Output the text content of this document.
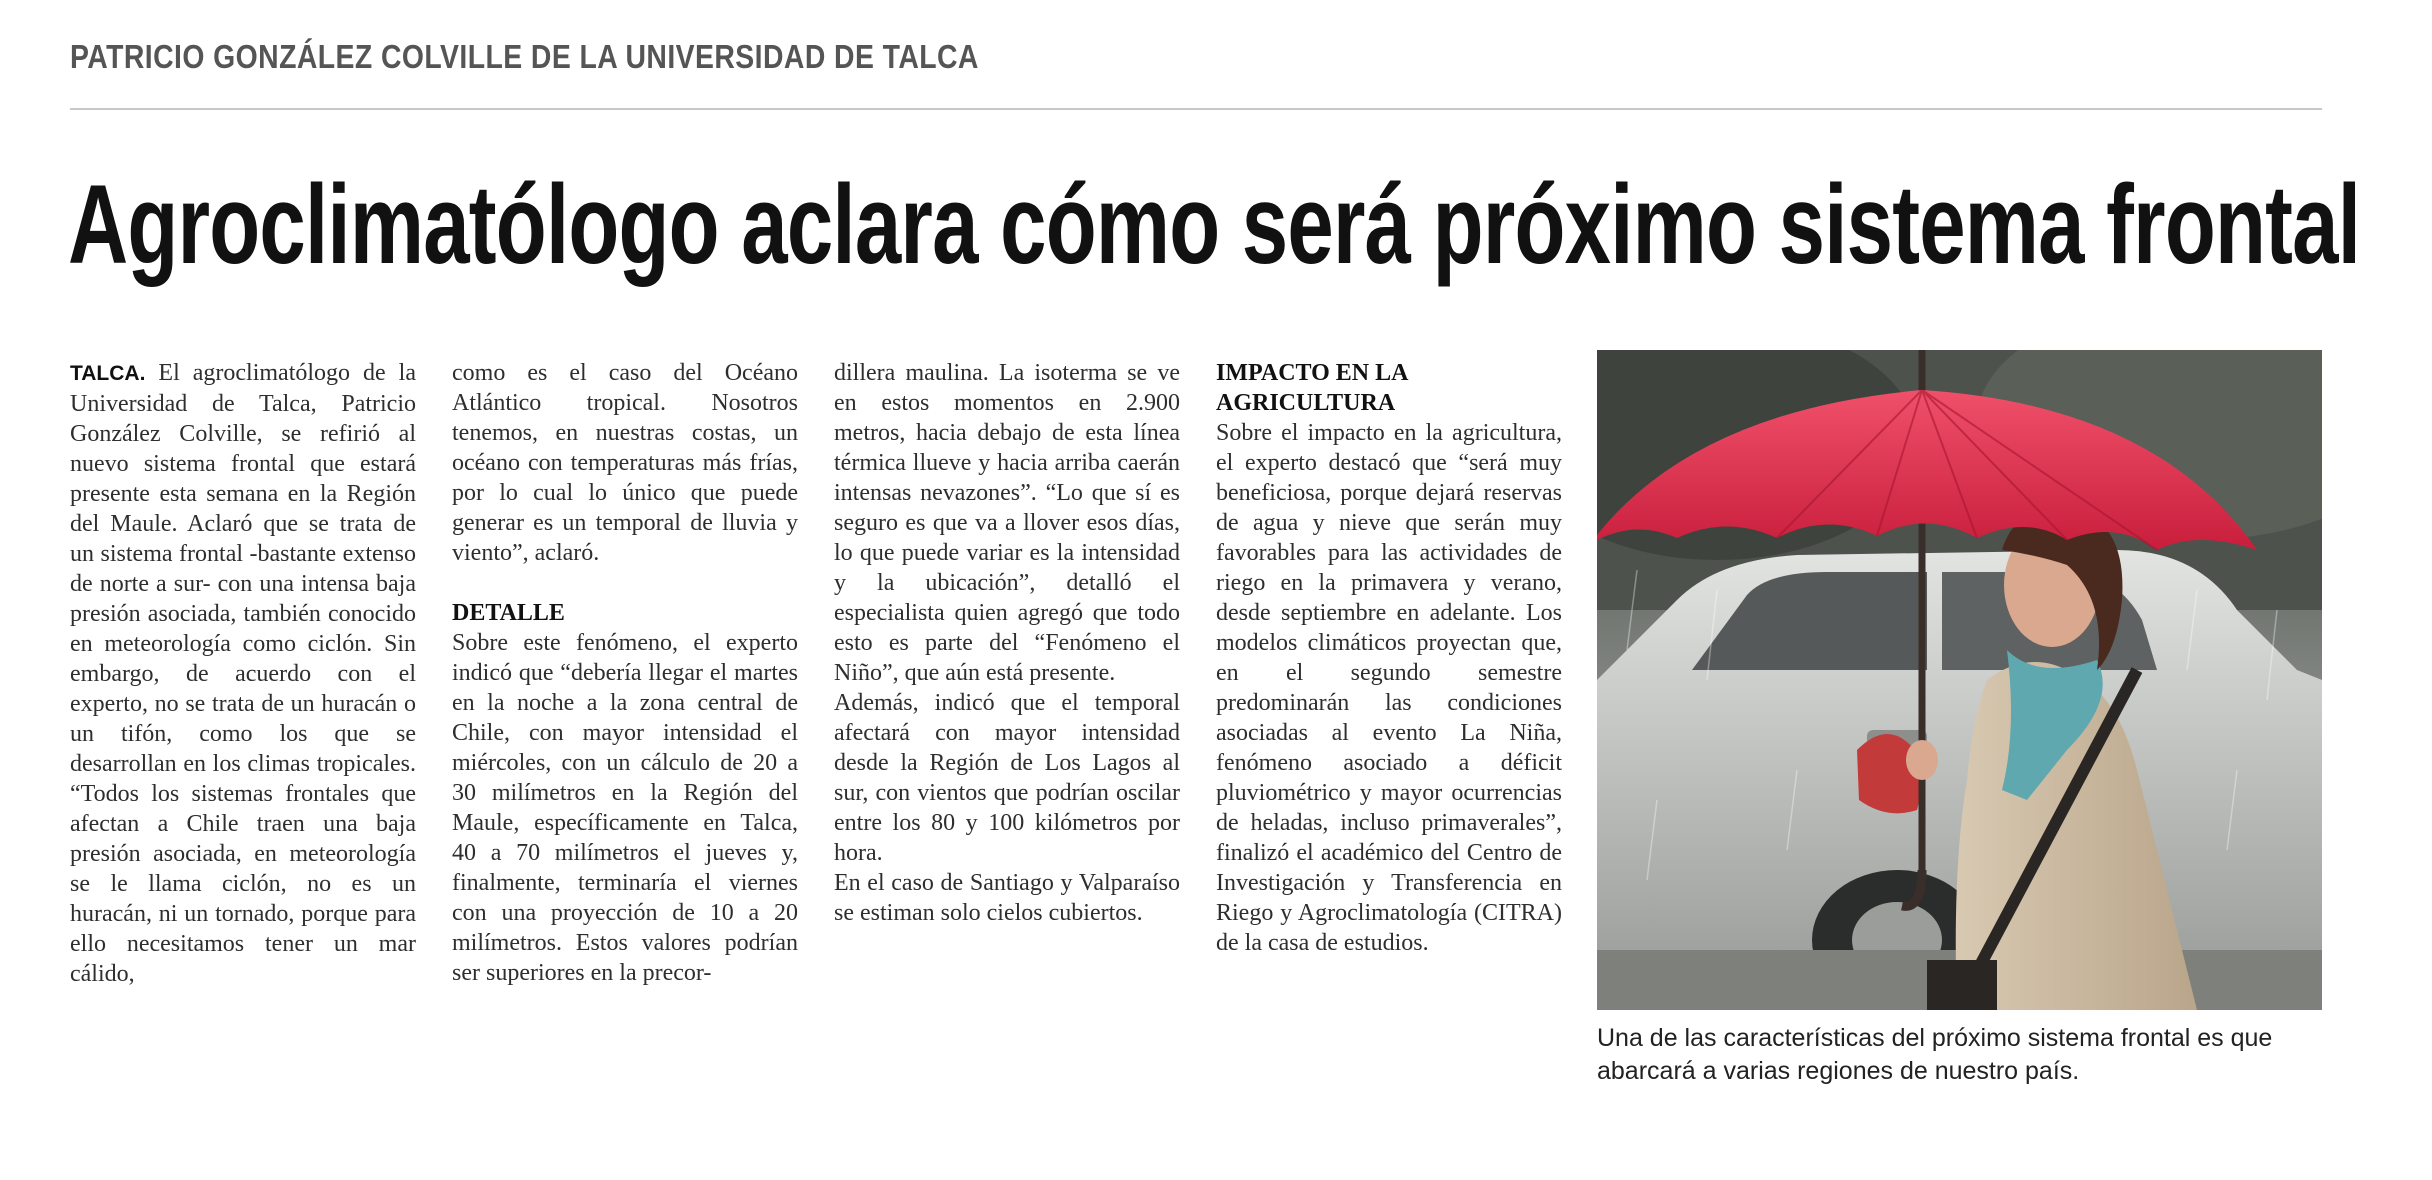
PATRICIO GONZÁLEZ COLVILLE DE LA UNIVERSIDAD DE TALCA
Agroclimatólogo aclara cómo será próximo sistema frontal

TALCA. El agroclimatólogo de la Universidad de Talca, Patricio González Colville, se refirió al nuevo sistema frontal que estará presente esta semana en la Región del Maule. Aclaró que se trata de un sistema frontal -bastante extenso de norte a sur- con una intensa baja presión asociada, también conocido en meteorología como ciclón. Sin embargo, de acuerdo con el experto, no se trata de un huracán o un tifón, como los que se desarrollan en los climas tropicales. “Todos los sistemas frontales que afectan a Chile traen una baja presión asociada, en meteorología se le llama ciclón, no es un huracán, ni un tornado, porque para ello necesitamos tener un mar cálido,

como es el caso del Océano Atlántico tropical. Nosotros tenemos, en nuestras costas, un océano con temperaturas más frías, por lo cual lo único que puede generar es un temporal de lluvia y viento”, aclaró.

DETALLE

Sobre este fenómeno, el experto indicó que “debería llegar el martes en la noche a la zona central de Chile, con mayor intensidad el miércoles, con un cálculo de 20 a 30 milímetros en la Región del Maule, específicamente en Talca, 40 a 70 milímetros el jueves y, finalmente, terminaría el viernes con una proyección de 10 a 20 milímetros. Estos valores podrían ser superiores en la precor-

dillera maulina. La isoterma se ve en estos momentos en 2.900 metros, hacia debajo de esta línea térmica llueve y hacia arriba caerán intensas nevazones”. “Lo que sí es seguro es que va a llover esos días, lo que puede variar es la intensidad y la ubicación”, detalló el especialista quien agregó que todo esto es parte del “Fenómeno el Niño”, que aún está presente.

Además, indicó que el temporal afectará con mayor intensidad desde la Región de Los Lagos al sur, con vientos que podrían oscilar entre los 80 y 100 kilómetros por hora.

En el caso de Santiago y Valparaíso se estiman solo cielos cubiertos.

IMPACTO EN LA
AGRICULTURA

Sobre el impacto en la agricultura, el experto destacó que “será muy beneficiosa, porque dejará reservas de agua y nieve que serán muy favorables para las actividades de riego en la primavera y verano, desde septiembre en adelante. Los modelos climáticos proyectan que, en el segundo semestre predominarán las condiciones asociadas al evento La Niña, fenómeno asociado a déficit pluviométrico y mayor ocurrencias de heladas, incluso primaverales”, finalizó el académico del Centro de Investigación y Transferencia en Riego y Agroclimatología (CITRA) de la casa de estudios.

Una de las características del próximo sistema frontal es que abarcará a varias regiones de nuestro país.
